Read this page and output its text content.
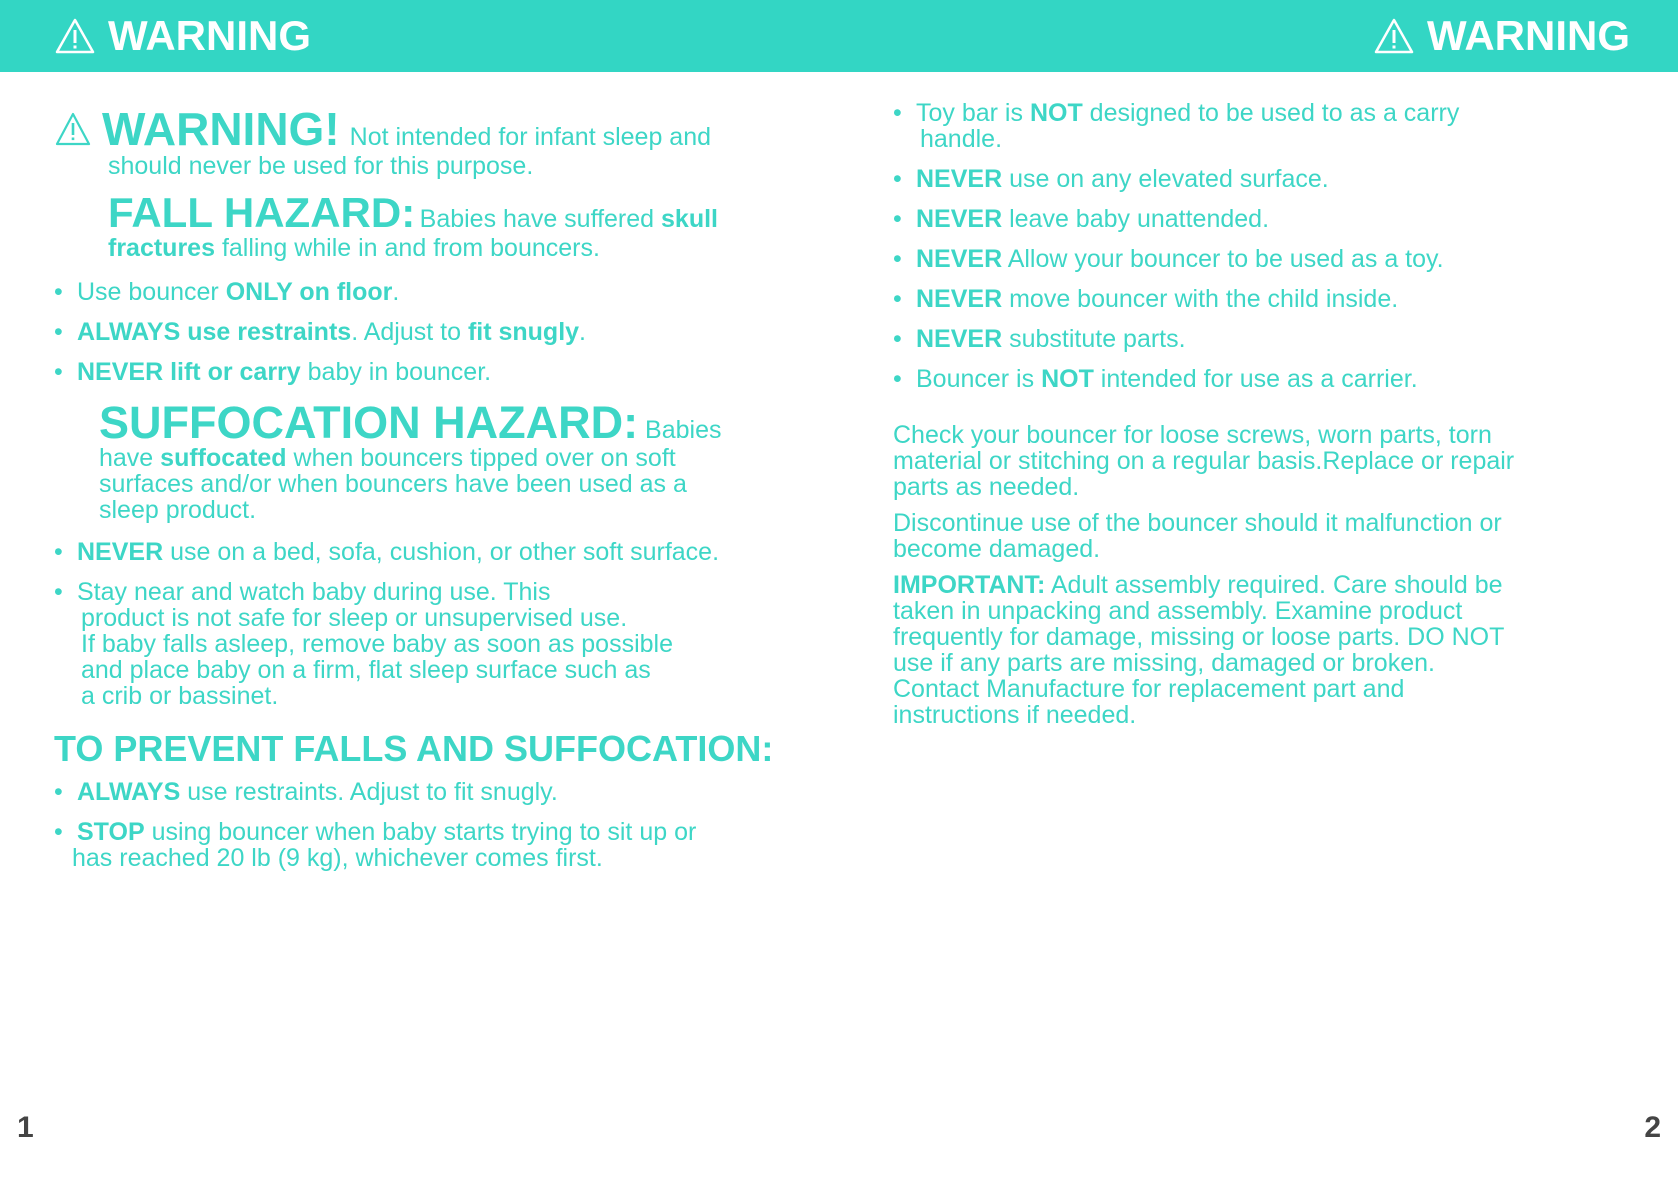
WARNING	WARNING
WARNING! Not intended for infant sleep and
should never be used for this purpose.
FALL HAZARD: Babies have suffered skull
fractures falling while in and from bouncers.
• Use bouncer ONLY on floor.
• ALWAYS use restraints. Adjust to fit snugly.
• NEVER lift or carry baby in bouncer.
SUFFOCATION HAZARD: Babies
have suffocated when bouncers tipped over on soft
surfaces and/or when bouncers have been used as a
sleep product.
• NEVER use on a bed, sofa, cushion, or other soft surface.
• Stay near and watch baby during use. This
product is not safe for sleep or unsupervised use.
If baby falls asleep, remove baby as soon as possible
and place baby on a firm, flat sleep surface such as
a crib or bassinet.
TO PREVENT FALLS AND SUFFOCATION:
• ALWAYS use restraints. Adjust to fit snugly.
• STOP using bouncer when baby starts trying to sit up or
has reached 20 lb (9 kg), whichever comes first.
• Toy bar is NOT designed to be used to as a carry
handle.
• NEVER use on any elevated surface.
• NEVER leave baby unattended.
• NEVER Allow your bouncer to be used as a toy.
• NEVER move bouncer with the child inside.
• NEVER substitute parts.
• Bouncer is NOT intended for use as a carrier.
Check your bouncer for loose screws, worn parts, torn
material or stitching on a regular basis.Replace or repair
parts as needed.
Discontinue use of the bouncer should it malfunction or
become damaged.
IMPORTANT: Adult assembly required. Care should be
taken in unpacking and assembly. Examine product
frequently for damage, missing or loose parts. DO NOT
use if any parts are missing, damaged or broken.
Contact Manufacture for replacement part and
instructions if needed.
1	2
